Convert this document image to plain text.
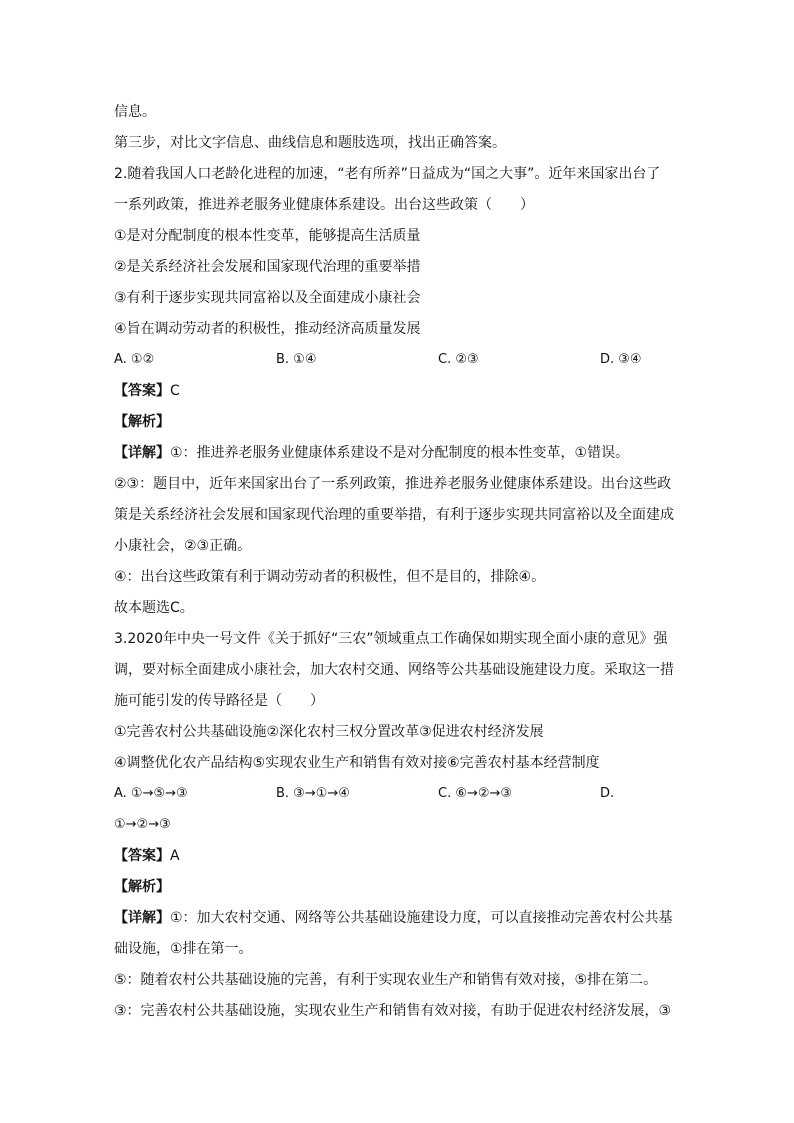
信息。
第三步，对比文字信息、曲线信息和题肢选项，找出正确答案。
2.随着我国人口老龄化进程的加速，“老有所养”日益成为“国之大事”。近年来国家出台了
一系列政策，推进养老服务业健康体系建设。出台这些政策（　　）
①是对分配制度的根本性变革，能够提高生活质量
②是关系经济社会发展和国家现代治理的重要举措
③有利于逐步实现共同富裕以及全面建成小康社会
④旨在调动劳动者的积极性，推动经济高质量发展
A. ①②	B. ①④	C. ②③	D. ③④
【答案】C
【解析】
【详解】①：推进养老服务业健康体系建设不是对分配制度的根本性变革，①错误。
②③：题目中，近年来国家出台了一系列政策，推进养老服务业健康体系建设。出台这些政
策是关系经济社会发展和国家现代治理的重要举措，有利于逐步实现共同富裕以及全面建成
小康社会，②③正确。
④：出台这些政策有利于调动劳动者的积极性，但不是目的，排除④。
故本题选C。
3.2020年中央一号文件《关于抓好“三农”领域重点工作确保如期实现全面小康的意见》强
调，要对标全面建成小康社会，加大农村交通、网络等公共基础设施建设力度。采取这一措
施可能引发的传导路径是（　　）
①完善农村公共基础设施②深化农村三权分置改革③促进农村经济发展
④调整优化农产品结构⑤实现农业生产和销售有效对接⑥完善农村基本经营制度
A. ①→⑤→③	B. ③→①→④	C. ⑥→②→③	D.
①→②→③
【答案】A
【解析】
【详解】①：加大农村交通、网络等公共基础设施建设力度，可以直接推动完善农村公共基
础设施，①排在第一。
⑤：随着农村公共基础设施的完善，有利于实现农业生产和销售有效对接，⑤排在第二。
③：完善农村公共基础设施，实现农业生产和销售有效对接，有助于促进农村经济发展，③
